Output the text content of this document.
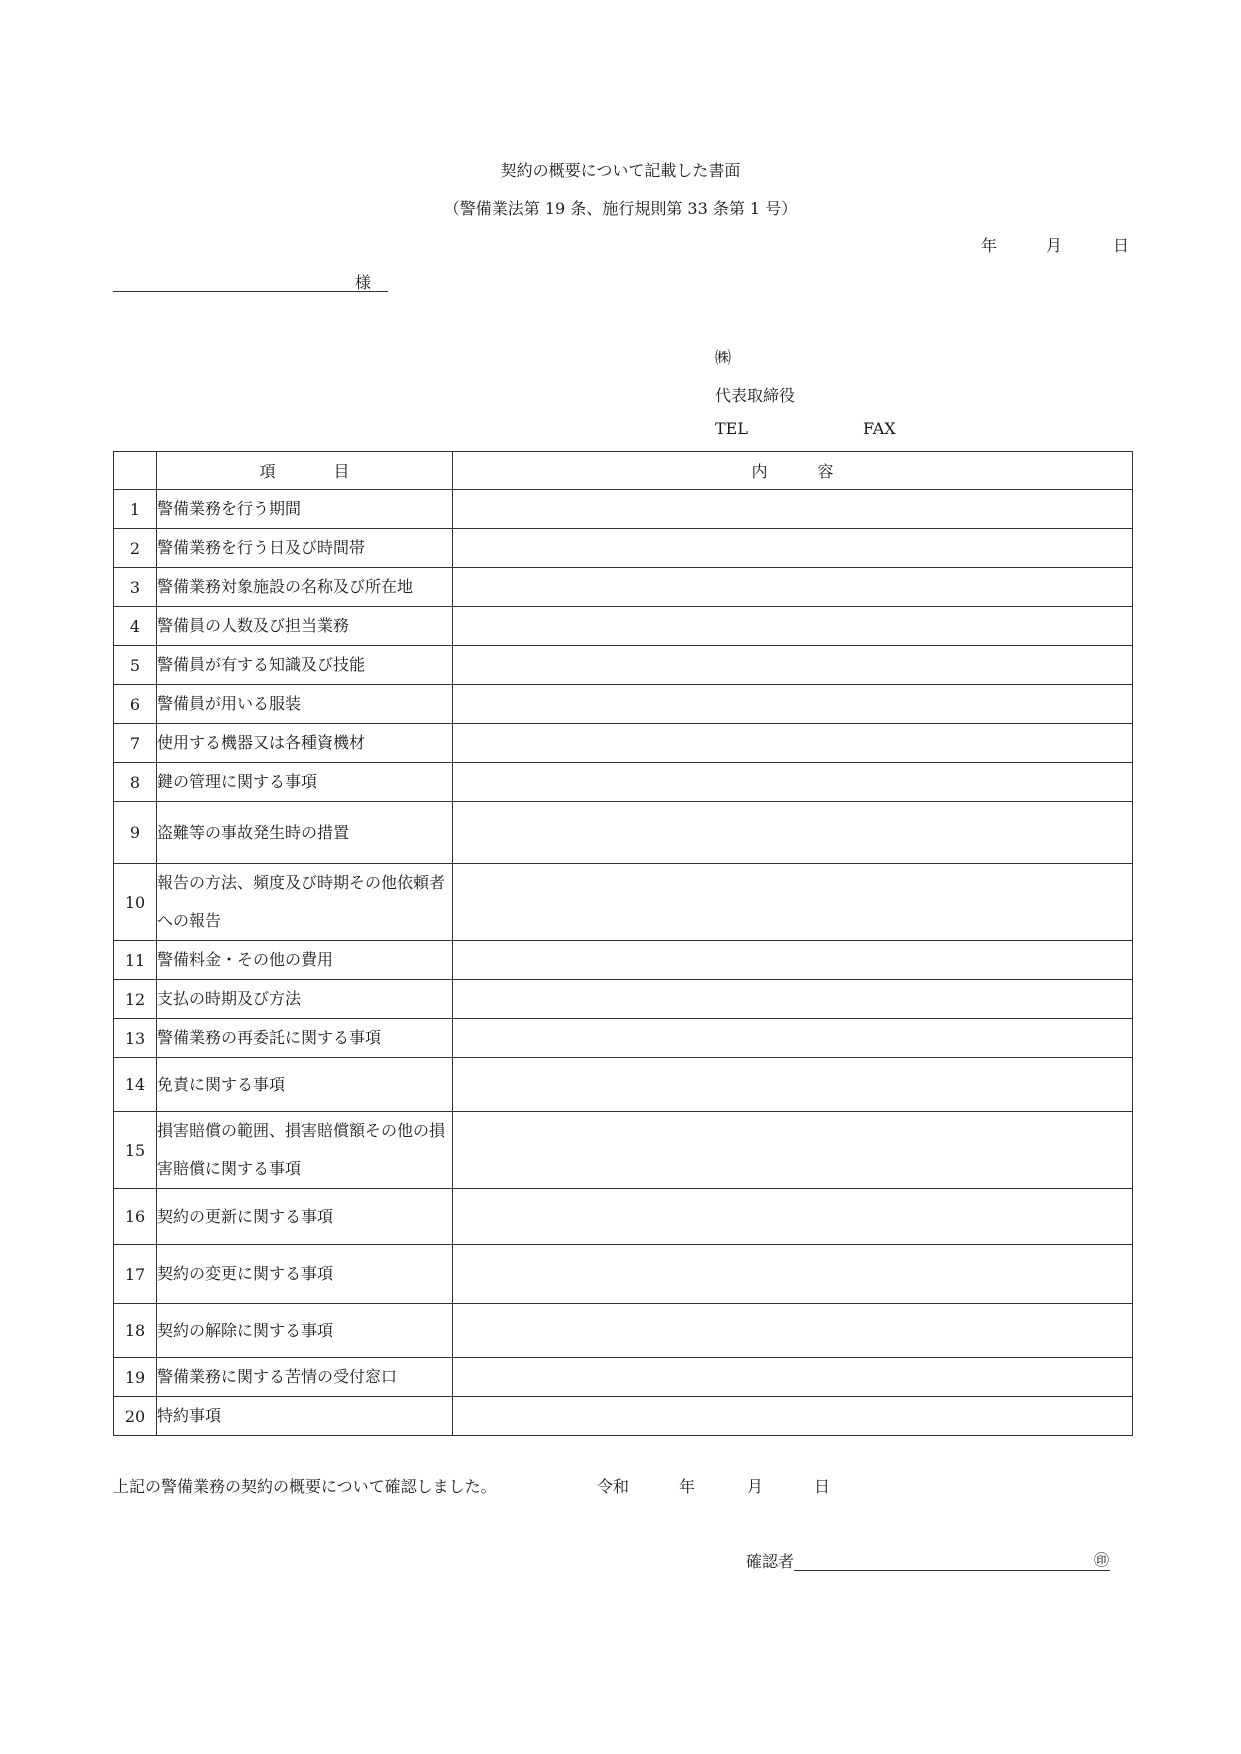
契約の概要について記載した書面
（警備業法第 19 条、施行規則第 33 条第 1 号）
年	月	日
様
㈱
代表取締役
TEL	FAX
	項 目	内 容
1	警備業務を行う期間	
2	警備業務を行う日及び時間帯	
3	警備業務対象施設の名称及び所在地	
4	警備員の人数及び担当業務	
5	警備員が有する知識及び技能	
6	警備員が用いる服装	
7	使用する機器又は各種資機材	
8	鍵の管理に関する事項	
9	盗難等の事故発生時の措置	
10	報告の方法、頻度及び時期その他依頼者への報告	
11	警備料金・その他の費用	
12	支払の時期及び方法	
13	警備業務の再委託に関する事項	
14	免責に関する事項	
15	損害賠償の範囲、損害賠償額その他の損害賠償に関する事項	
16	契約の更新に関する事項	
17	契約の変更に関する事項	
18	契約の解除に関する事項	
19	警備業務に関する苦情の受付窓口	
20	特約事項	
上記の警備業務の契約の概要について確認しました。	令和	年	月	日
確認者	㊞
